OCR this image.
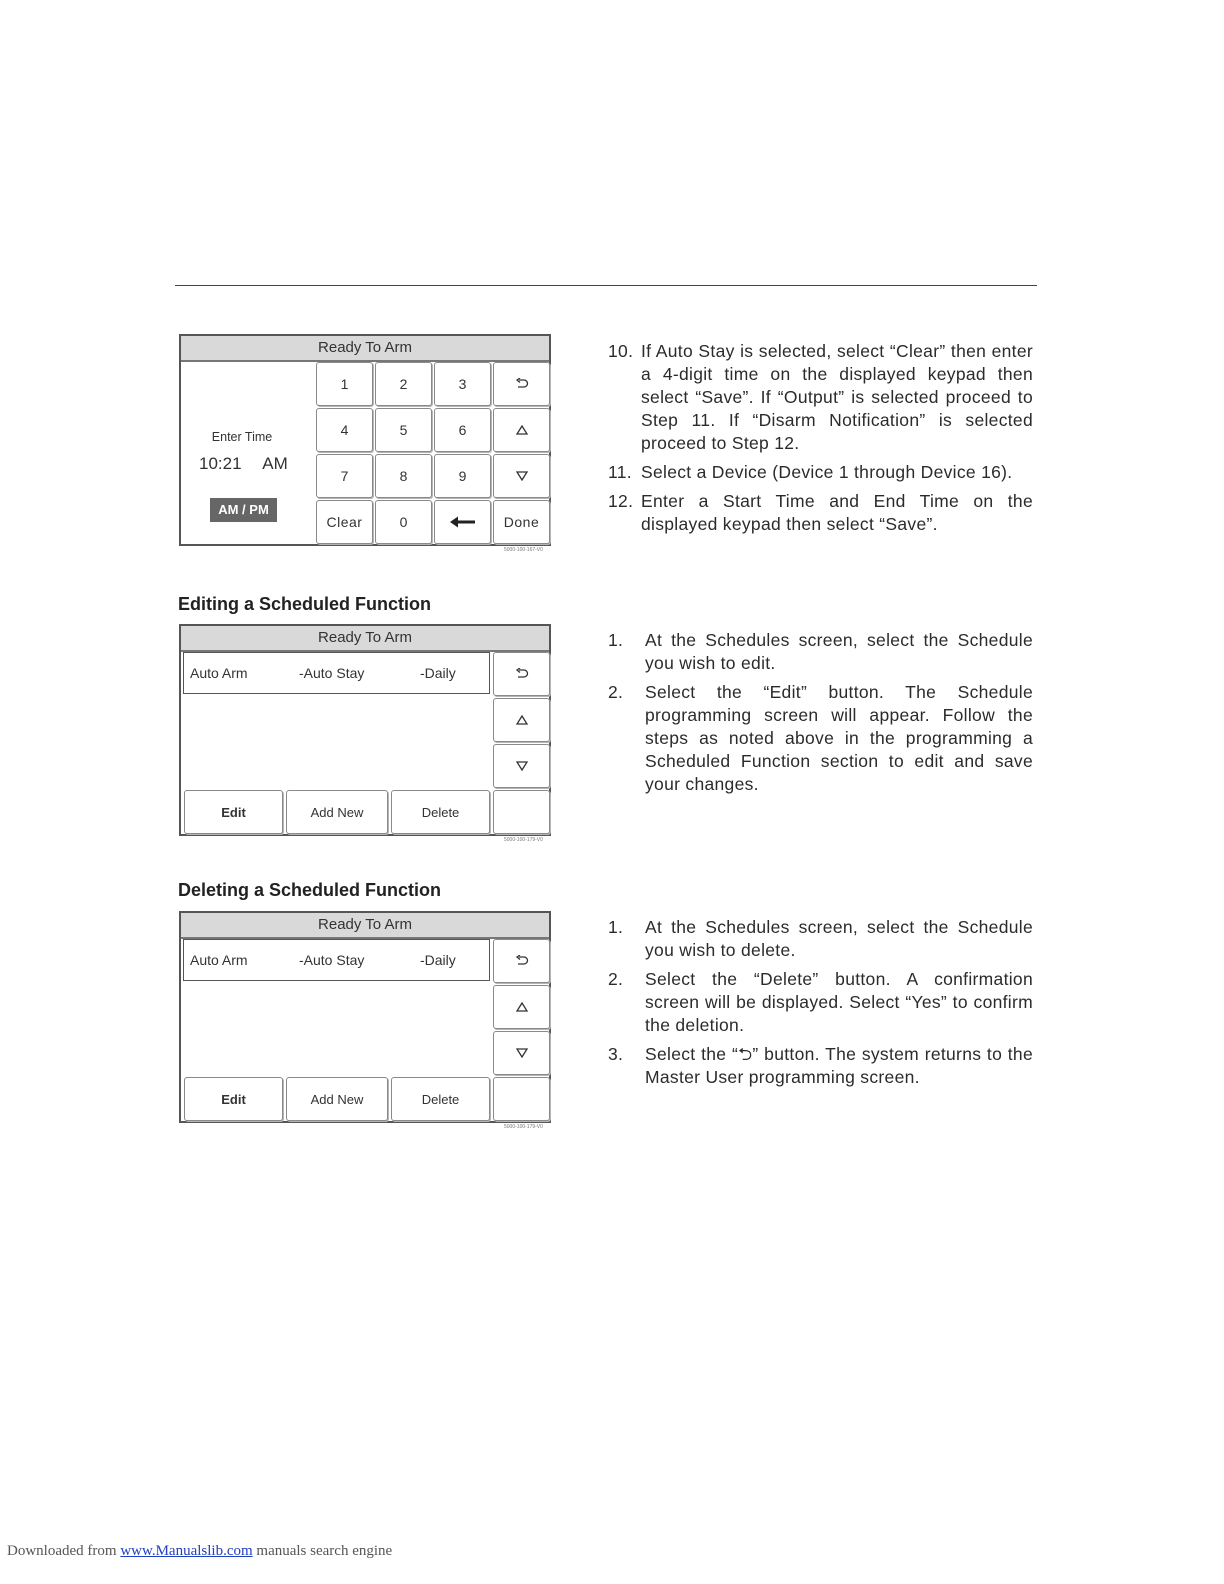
Ready To Arm
Enter Time
10:21 AM
AM / PM
1	2	3
4	5	6
7	8	9
Clear	0	Done
5000-100-167-V0
10. If Auto Stay is selected, select “Clear” then enter a 4-digit time on the displayed keypad then select “Save”. If “Output” is selected proceed to Step 11. If “Disarm Notification” is selected proceed to Step 12.
11. Select a Device (Device 1 through Device 16).
12. Enter a Start Time and End Time on the displayed keypad then select “Save”.
Editing a Scheduled Function
Ready To Arm
Auto Arm	-Auto Stay	-Daily
Edit	Add New	Delete
5000-100-179-V0
1. At the Schedules screen, select the Schedule you wish to edit.
2. Select the “Edit” button. The Schedule programming screen will appear. Follow the steps as noted above in the programming a Scheduled Function section to edit and save your changes.
Deleting a Scheduled Function
Ready To Arm
Auto Arm	-Auto Stay	-Daily
Edit	Add New	Delete
5000-100-179-V0
1. At the Schedules screen, select the Schedule you wish to delete.
2. Select the “Delete” button. A confirmation screen will be displayed. Select “Yes” to confirm the deletion.
3. Select the “⮌” button. The system returns to the Master User programming screen.
Downloaded from www.Manualslib.com manuals search engine
